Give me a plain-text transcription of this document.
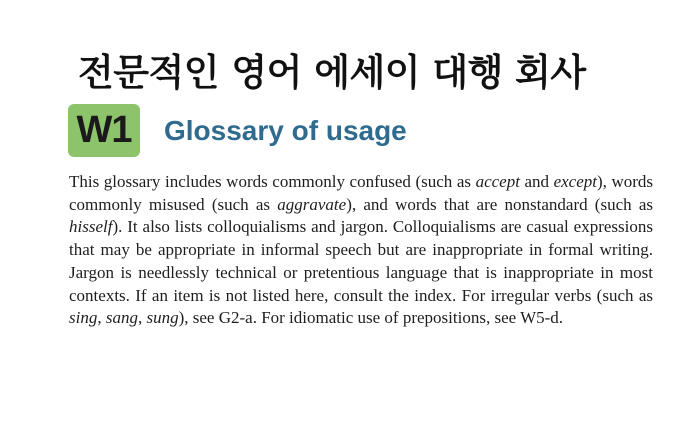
전문적인 영어 에세이 대행 회사
W1	Glossary of usage

This glossary includes words commonly confused (such as accept and except), words commonly misused (such as aggravate), and words that are nonstandard (such as hisself). It also lists colloquialisms and jargon. Colloquialisms are casual expressions that may be appropriate in informal speech but are inappropriate in formal writing. Jargon is needlessly technical or pretentious language that is inappropriate in most contexts. If an item is not listed here, consult the index. For irregular verbs (such as sing, sang, sung), see G2-a. For idiomatic use of prepositions, see W5-d.
